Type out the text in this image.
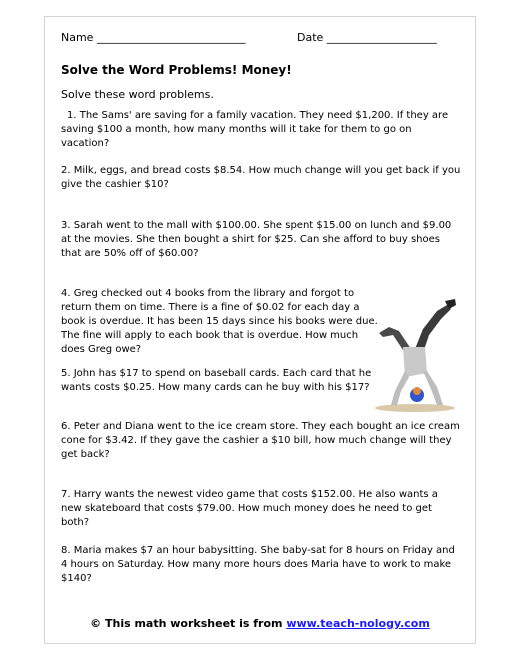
Name ___________________________	Date ____________________
Solve the Word Problems! Money!
Solve these word problems.
1. The Sams' are saving for a family vacation. They need $1,200. If they are saving $100 a month, how many months will it take for them to go on vacation?
2. Milk, eggs, and bread costs $8.54. How much change will you get back if you give the cashier $10?
3. Sarah went to the mall with $100.00. She spent $15.00 on lunch and $9.00 at the movies. She then bought a shirt for $25. Can she afford to buy shoes that are 50% off of $60.00?
4. Greg checked out 4 books from the library and forgot to return them on time. There is a fine of $0.02 for each day a book is overdue. It has been 15 days since his books were due. The fine will apply to each book that is overdue. How much does Greg owe?
5. John has $17 to spend on baseball cards. Each card that he wants costs $0.25. How many cards can he buy with his $17?
6. Peter and Diana went to the ice cream store. They each bought an ice cream cone for $3.42. If they gave the cashier a $10 bill, how much change will they get back?
7. Harry wants the newest video game that costs $152.00. He also wants a new skateboard that costs $79.00. How much money does he need to get both?
8. Maria makes $7 an hour babysitting. She baby-sat for 8 hours on Friday and 4 hours on Saturday. How many more hours does Maria have to work to make $140?
© This math worksheet is from www.teach-nology.com
